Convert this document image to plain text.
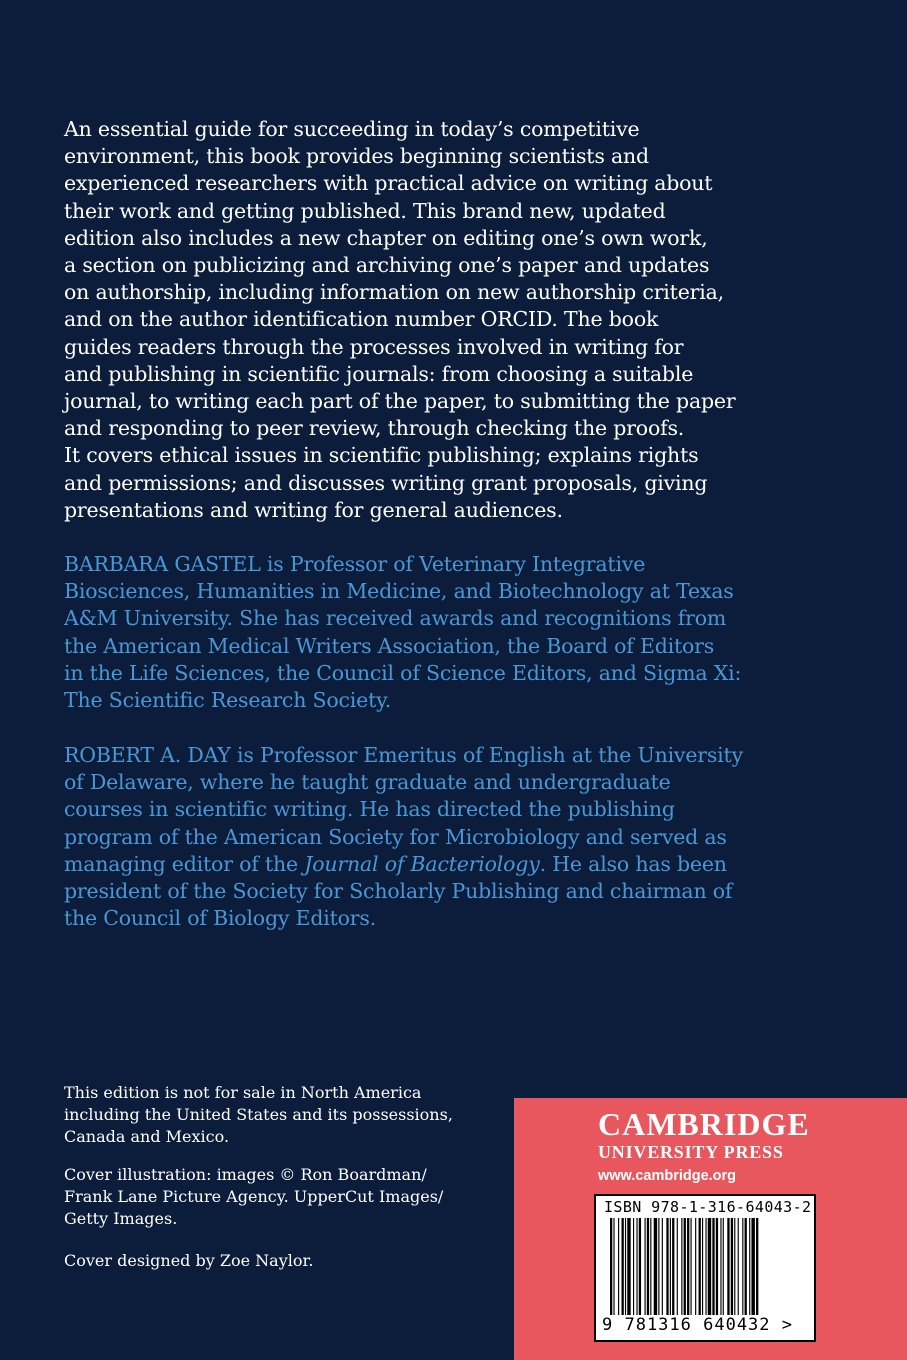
An essential guide for succeeding in today’s competitive
environment, this book provides beginning scientists and
experienced researchers with practical advice on writing about
their work and getting published. This brand new, updated
edition also includes a new chapter on editing one’s own work,
a section on publicizing and archiving one’s paper and updates
on authorship, including information on new authorship criteria,
and on the author identification number ORCID. The book
guides readers through the processes involved in writing for
and publishing in scientific journals: from choosing a suitable
journal, to writing each part of the paper, to submitting the paper
and responding to peer review, through checking the proofs.
It covers ethical issues in scientific publishing; explains rights
and permissions; and discusses writing grant proposals, giving
presentations and writing for general audiences.
BARBARA GASTEL is Professor of Veterinary Integrative
Biosciences, Humanities in Medicine, and Biotechnology at Texas
A&M University. She has received awards and recognitions from
the American Medical Writers Association, the Board of Editors
in the Life Sciences, the Council of Science Editors, and Sigma Xi:
The Scientific Research Society.
ROBERT A. DAY is Professor Emeritus of English at the University
of Delaware, where he taught graduate and undergraduate
courses in scientific writing. He has directed the publishing
program of the American Society for Microbiology and served as
managing editor of the Journal of Bacteriology. He also has been
president of the Society for Scholarly Publishing and chairman of
the Council of Biology Editors.
This edition is not for sale in North America
including the United States and its possessions,
Canada and Mexico.
Cover illustration: images © Ron Boardman/
Frank Lane Picture Agency. UpperCut Images/
Getty Images.
Cover designed by Zoe Naylor.
CAMBRIDGE
UNIVERSITY PRESS
www.cambridge.org
ISBN 978-1-316-64043-2
9 781316 640432 >
